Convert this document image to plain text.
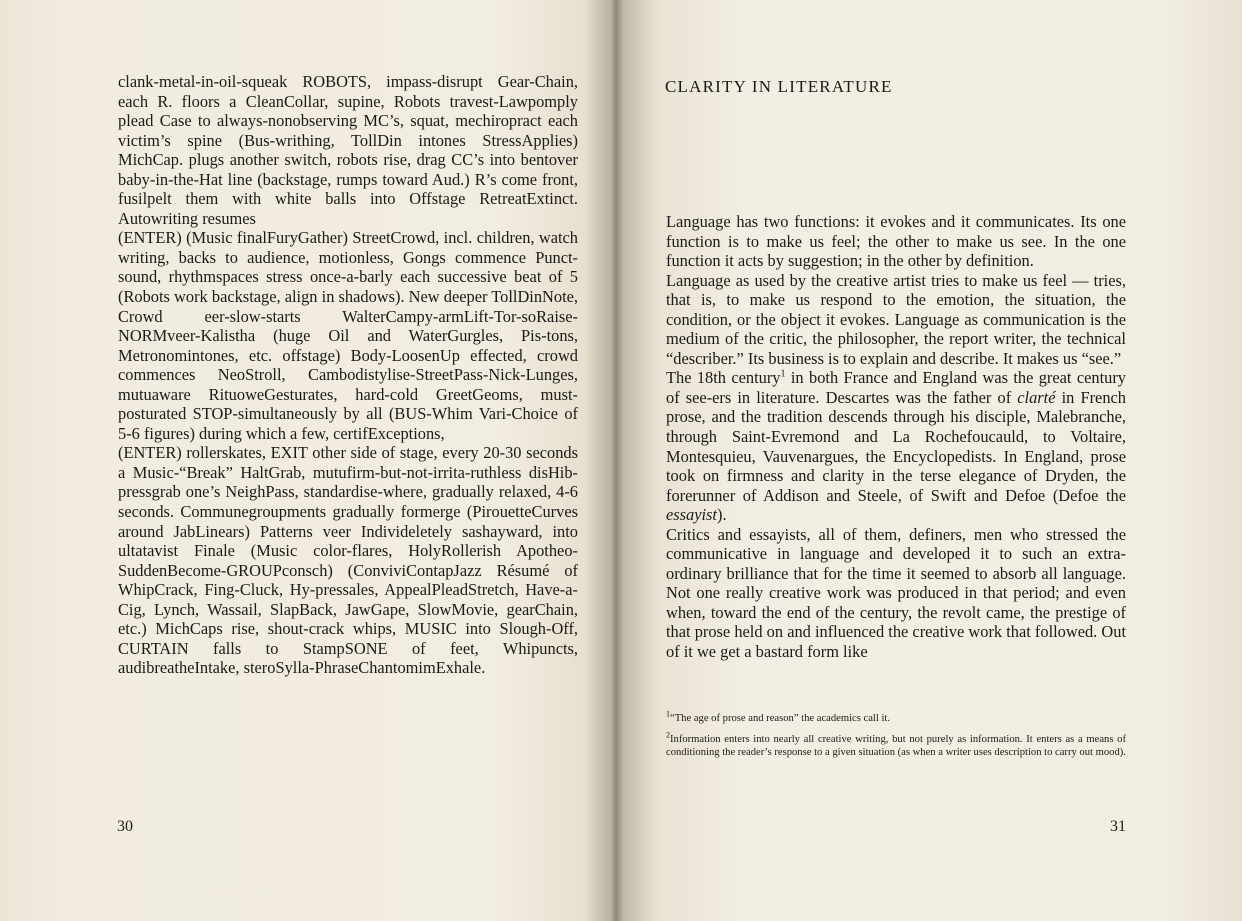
clank-metal-in-oil-squeak ROBOTS, impass-disrupt Gear-Chain, each R. floors a CleanCollar, supine, Robots travest-Lawpomply plead Case to always-nonobserving MC’s, squat, mechiropract each victim’s spine (Bus-writhing, TollDin intones StressApplies) MichCap. plugs another switch, robots rise, drag CC’s into bentover baby-in-the-Hat line (backstage, rumps toward Aud.) R’s come front, fusilpelt them with white balls into Offstage RetreatExtinct. Autowriting resumes

(ENTER) (Music finalFuryGather) StreetCrowd, incl. children, watch writing, backs to audience, motionless, Gongs commence Punct-sound, rhythmspaces stress once-a-barly each successive beat of 5 (Robots work backstage, align in shadows). New deeper TollDinNote, Crowd eer-slow-starts WalterCampy-armLift-Tor-soRaise-NORMveer-Kalistha (huge Oil and WaterGurgles, Pis-tons, Metronomintones, etc. offstage) Body-LoosenUp effected, crowd commences NeoStroll, Cambodistylise-StreetPass-Nick-Lunges, mutuaware RituoweGesturates, hard-cold GreetGeoms, must-posturated STOP-simultaneously by all (BUS-Whim Vari-Choice of 5-6 figures) during which a few, certifExceptions,

(ENTER) rollerskates, EXIT other side of stage, every 20-30 seconds a Music-“Break” HaltGrab, mutufirm-but-not-irrita-ruthless disHib-pressgrab one’s NeighPass, standardise-where, gradually relaxed, 4-6 seconds. Communegroupments gradually formerge (PirouetteCurves around JabLinears) Patterns veer Individeletely sashayward, into ultatavist Finale (Music color-flares, HolyRollerish Apotheo-SuddenBecome-GROUPconsch) (ConviviContapJazz Résumé of WhipCrack, Fing-Cluck, Hy-pressales, AppealPleadStretch, Have-a-Cig, Lynch, Wassail, SlapBack, JawGape, SlowMovie, gearChain, etc.) MichCaps rise, shout-crack whips, MUSIC into Slough-Off, CURTAIN falls to StampSONE of feet, Whipuncts, audibreatheIntake, steroSylla-PhraseChantomimExhale.

30
CLARITY IN LITERATURE

Language has two functions: it evokes and it communicates. Its one function is to make us feel; the other to make us see. In the one function it acts by suggestion; in the other by definition.

Language as used by the creative artist tries to make us feel — tries, that is, to make us respond to the emotion, the situation, the condition, or the object it evokes. Language as communication is the medium of the critic, the philosopher, the report writer, the technical “describer.” Its business is to explain and describe. It makes us “see.”

The 18th century$^1$ in both France and England was the great century of see-ers in literature. Descartes was the father of clarté in French prose, and the tradition descends through his disciple, Malebranche, through Saint-Evremond and La Rochefoucauld, to Voltaire, Montesquieu, Vauvenargues, the Encyclopedists. In England, prose took on firmness and clarity in the terse elegance of Dryden, the forerunner of Addison and Steele, of Swift and Defoe (Defoe the essayist).

Critics and essayists, all of them, definers, men who stressed the communicative in language and developed it to such an extra-ordinary brilliance that for the time it seemed to absorb all language. Not one really creative work was produced in that period; and even when, toward the end of the century, the revolt came, the prestige of that prose held on and influenced the creative work that followed. Out of it we get a bastard form like

$^1$“The age of prose and reason” the academics call it.

$^2$Information enters into nearly all creative writing, but not purely as information. It enters as a means of conditioning the reader’s response to a given situation (as when a writer uses description to carry out mood).

31
